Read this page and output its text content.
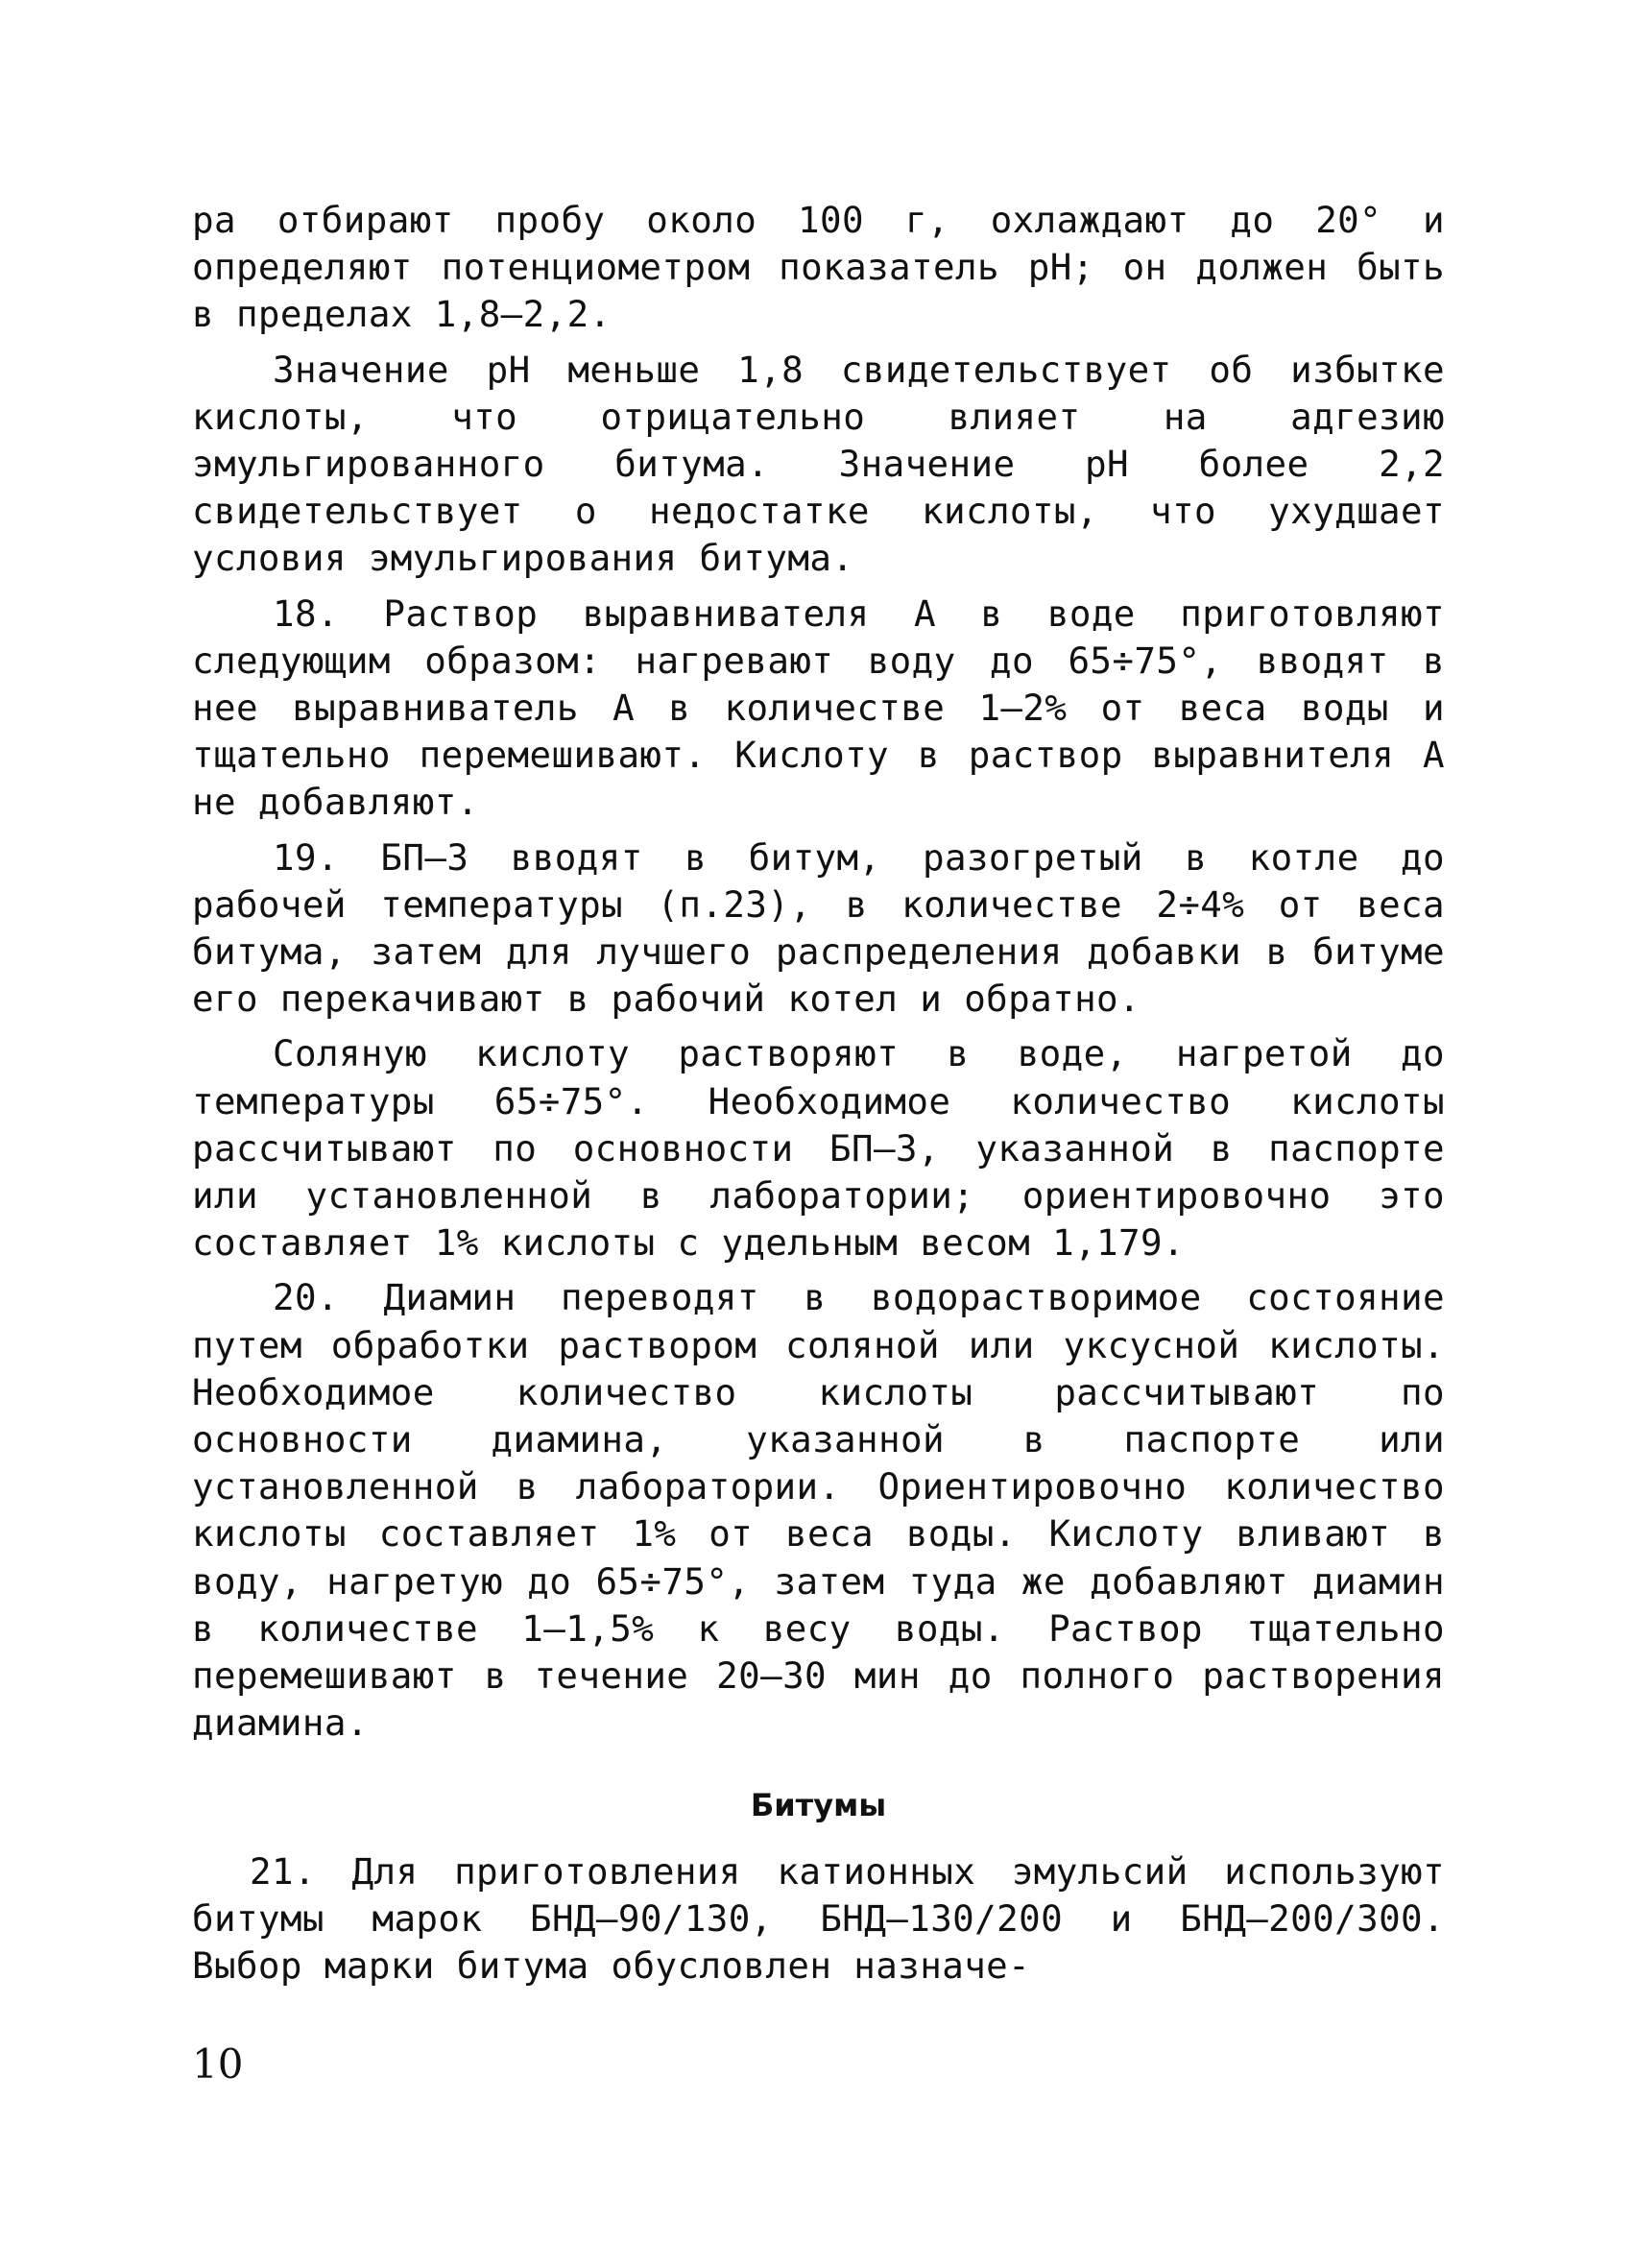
ра отбирают пробу около 100 г, охлаждают до 20° и определяют потенциометром показатель pH; он должен быть в пределах 1,8–2,2.

Значение pH меньше 1,8 свидетельствует об избытке кислоты, что отрицательно влияет на адгезию эмульгированного битума. Значение pH более 2,2 свидетельствует о недостатке кислоты, что ухудшает условия эмульгирования битума.

18. Раствор выравнивателя А в воде приготовляют следующим образом: нагревают воду до 65÷75°, вводят в нее выравниватель А в количестве 1–2% от веса воды и тщательно перемешивают. Кислоту в раствор выравнителя А не добавляют.

19. БП–3 вводят в битум, разогретый в котле до рабочей температуры (п.23), в количестве 2÷4% от веса битума, затем для лучшего распределения добавки в битуме его перекачивают в рабочий котел и обратно.

Соляную кислоту растворяют в воде, нагретой до температуры 65÷75°. Необходимое количество кислоты рассчитывают по основности БП–3, указанной в паспорте или установленной в лаборатории; ориентировочно это составляет 1% кислоты с удельным весом 1,179.

20. Диамин переводят в водорастворимое состояние путем обработки раствором соляной или уксусной кислоты. Необходимое количество кислоты рассчитывают по основности диамина, указанной в паспорте или установленной в лаборатории. Ориентировочно количество кислоты составляет 1% от веса воды. Кислоту вливают в воду, нагретую до 65÷75°, затем туда же добавляют диамин в количестве 1–1,5% к весу воды. Раствор тщательно перемешивают в течение 20–30 мин до полного растворения диамина.

Битумы

21. Для приготовления катионных эмульсий используют битумы марок БНД–90/130, БНД–130/200 и БНД–200/300. Выбор марки битума обусловлен назначе-

10
